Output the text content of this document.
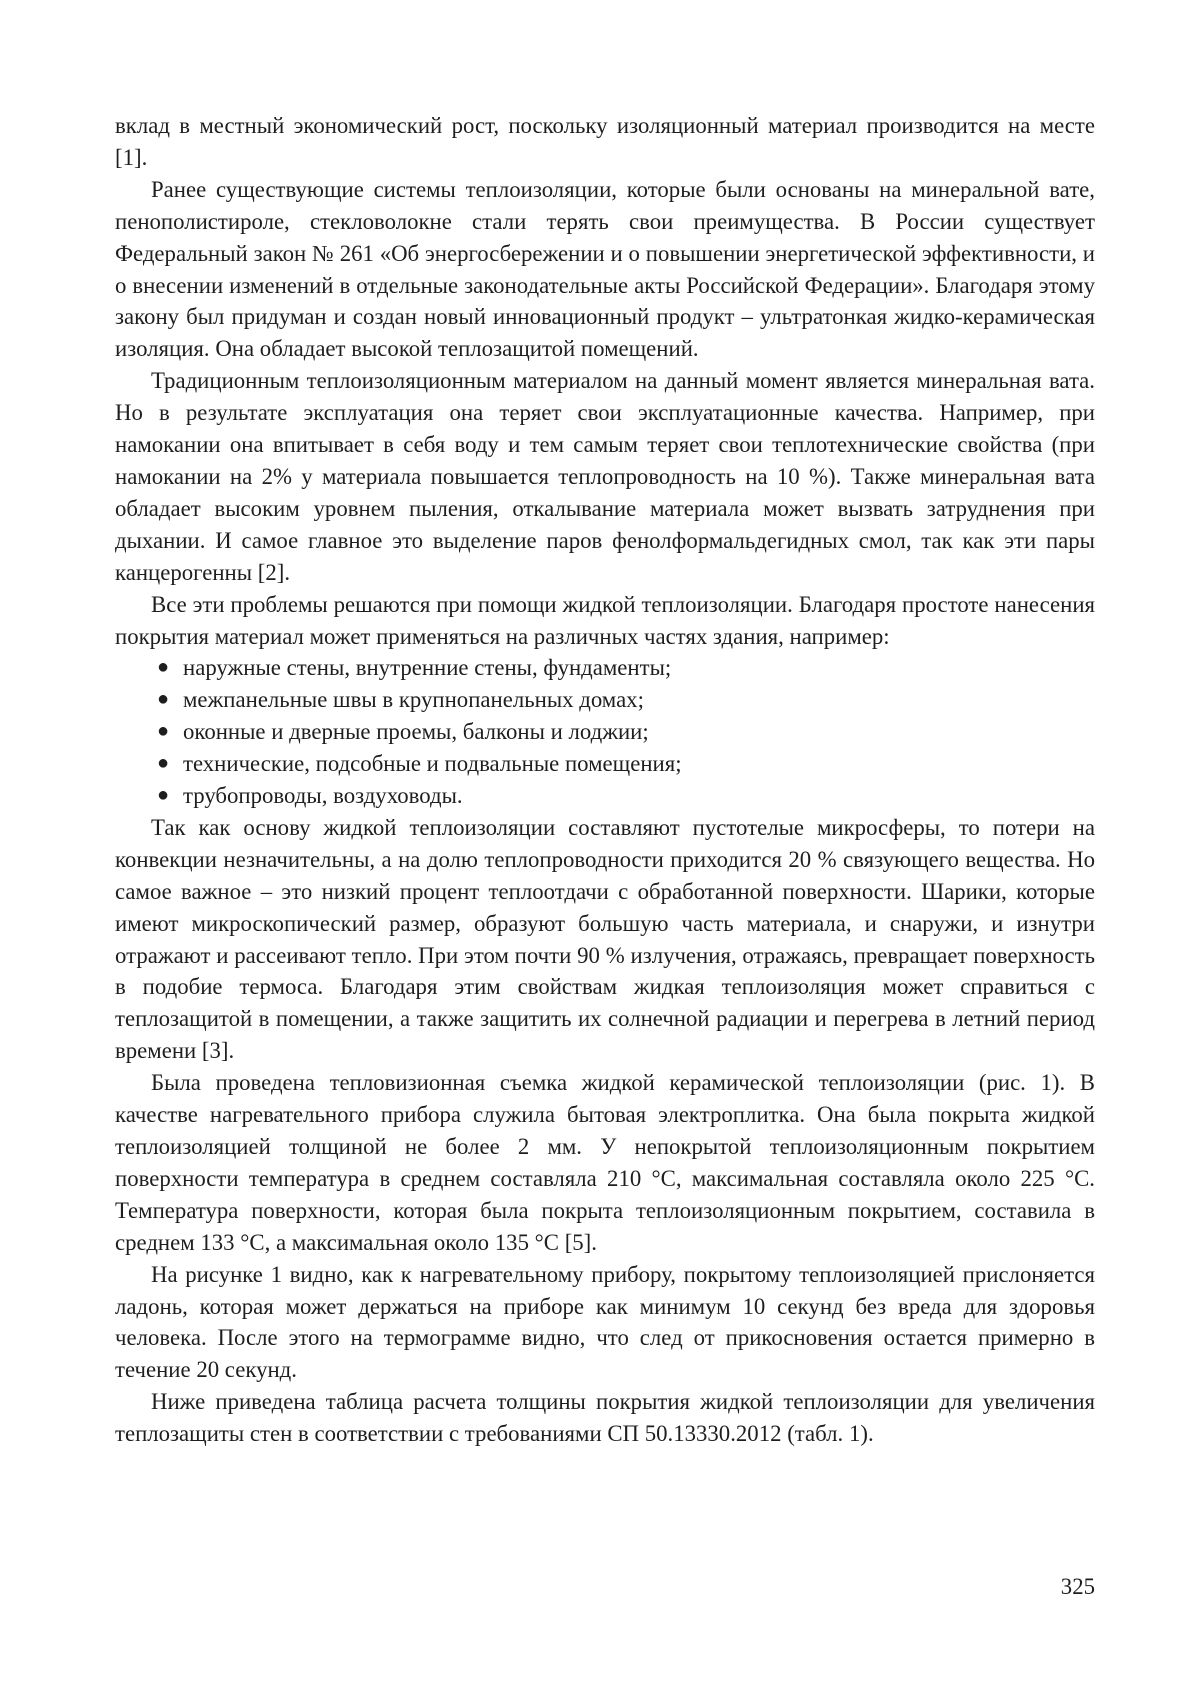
вклад в местный экономический рост, поскольку изоляционный материал производится на месте [1].

Ранее существующие системы теплоизоляции, которые были основаны на минеральной вате, пенополистироле, стекловолокне стали терять свои преимущества. В России существует Федеральный закон № 261 «Об энергосбережении и о повышении энергетической эффективности, и о внесении изменений в отдельные законодательные акты Российской Федерации». Благодаря этому закону был придуман и создан новый инновационный продукт – ультратонкая жидко-керамическая изоляция. Она обладает высокой теплозащитой помещений.

Традиционным теплоизоляционным материалом на данный момент является минеральная вата. Но в результате эксплуатация она теряет свои эксплуатационные качества. Например, при намокании она впитывает в себя воду и тем самым теряет свои теплотехнические свойства (при намокании на 2% у материала повышается теплопроводность на 10 %). Также минеральная вата обладает высоким уровнем пыления, откалывание материала может вызвать затруднения при дыхании. И самое главное это выделение паров фенолформальдегидных смол, так как эти пары канцерогенны [2].

Все эти проблемы решаются при помощи жидкой теплоизоляции. Благодаря простоте нанесения покрытия материал может применяться на различных частях здания, например:

● наружные стены, внутренние стены, фундаменты;
● межпанельные швы в крупнопанельных домах;
● оконные и дверные проемы, балконы и лоджии;
● технические, подсобные и подвальные помещения;
● трубопроводы, воздуховоды.

Так как основу жидкой теплоизоляции составляют пустотелые микросферы, то потери на конвекции незначительны, а на долю теплопроводности приходится 20 % связующего вещества. Но самое важное – это низкий процент теплоотдачи с обработанной поверхности. Шарики, которые имеют микроскопический размер, образуют большую часть материала, и снаружи, и изнутри отражают и рассеивают тепло. При этом почти 90 % излучения, отражаясь, превращает поверхность в подобие термоса. Благодаря этим свойствам жидкая теплоизоляция может справиться с теплозащитой в помещении, а также защитить их солнечной радиации и перегрева в летний период времени [3].

Была проведена тепловизионная съемка жидкой керамической теплоизоляции (рис. 1). В качестве нагревательного прибора служила бытовая электроплитка. Она была покрыта жидкой теплоизоляцией толщиной не более 2 мм. У непокрытой теплоизоляционным покрытием поверхности температура в среднем составляла 210 °С, максимальная составляла около 225 °С. Температура поверхности, которая была покрыта теплоизоляционным покрытием, составила в среднем 133 °С, а максимальная около 135 °С [5].

На рисунке 1 видно, как к нагревательному прибору, покрытому теплоизоляцией прислоняется ладонь, которая может держаться на приборе как минимум 10 секунд без вреда для здоровья человека. После этого на термограмме видно, что след от прикосновения остается примерно в течение 20 секунд.

Ниже приведена таблица расчета толщины покрытия жидкой теплоизоляции для увеличения теплозащиты стен в соответствии с требованиями СП 50.13330.2012 (табл. 1).

325
